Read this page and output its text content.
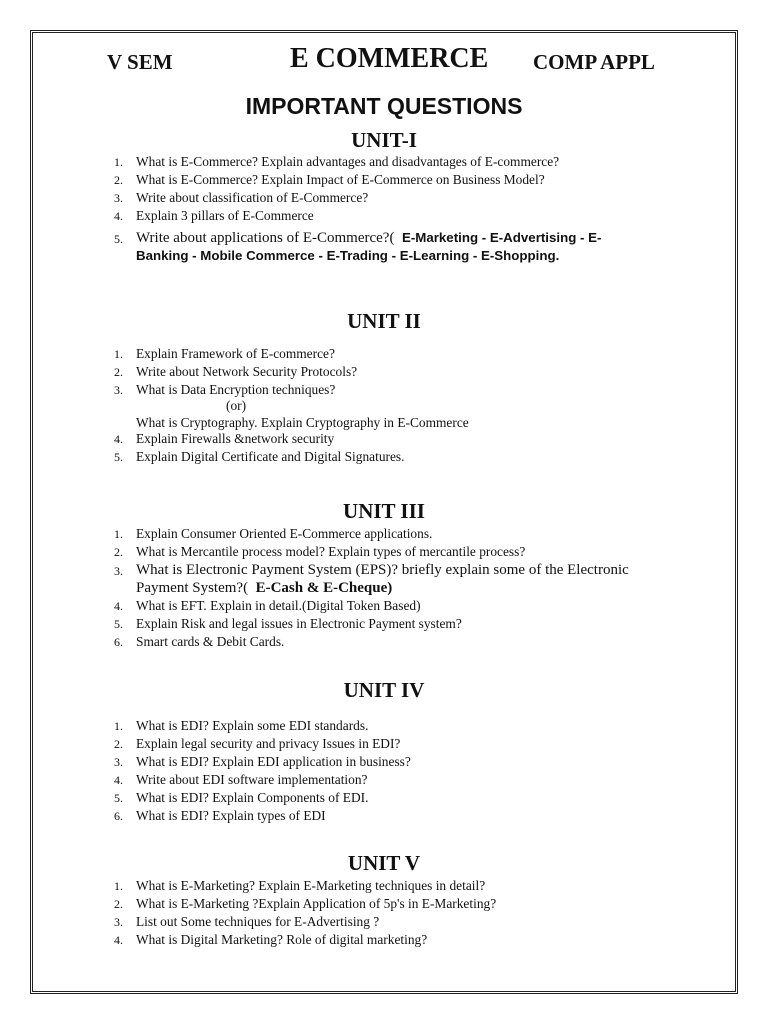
V SEM	E COMMERCE COMP APPL
IMPORTANT QUESTIONS
UNIT-I
1. What is E-Commerce? Explain advantages and disadvantages of E-commerce?
2. What is E-Commerce? Explain Impact of E-Commerce on Business Model?
3. Write about classification of E-Commerce?
4. Explain 3 pillars of E-Commerce
5. Write about applications of E-Commerce?( E-Marketing - E-Advertising - E-Banking - Mobile Commerce - E-Trading - E-Learning - E-Shopping.
UNIT II
1. Explain Framework of E-commerce?
2. Write about Network Security Protocols?
3. What is Data Encryption techniques?
(or)
What is Cryptography. Explain Cryptography in E-Commerce
4. Explain Firewalls &network security
5. Explain Digital Certificate and Digital Signatures.
UNIT III
1. Explain Consumer Oriented E-Commerce applications.
2. What is Mercantile process model? Explain types of mercantile process?
3. What is Electronic Payment System (EPS)? briefly explain some of the Electronic Payment System?( E-Cash & E-Cheque)
4. What is EFT. Explain in detail.(Digital Token Based)
5. Explain Risk and legal issues in Electronic Payment system?
6. Smart cards & Debit Cards.
UNIT IV
1. What is EDI? Explain some EDI standards.
2. Explain legal security and privacy Issues in EDI?
3. What is EDI? Explain EDI application in business?
4. Write about EDI software implementation?
5. What is EDI? Explain Components of EDI.
6. What is EDI? Explain types of EDI
UNIT V
1. What is E-Marketing? Explain E-Marketing techniques in detail?
2. What is E-Marketing ?Explain Application of 5p's in E-Marketing?
3. List out Some techniques for E-Advertising ?
4. What is Digital Marketing? Role of digital marketing?
